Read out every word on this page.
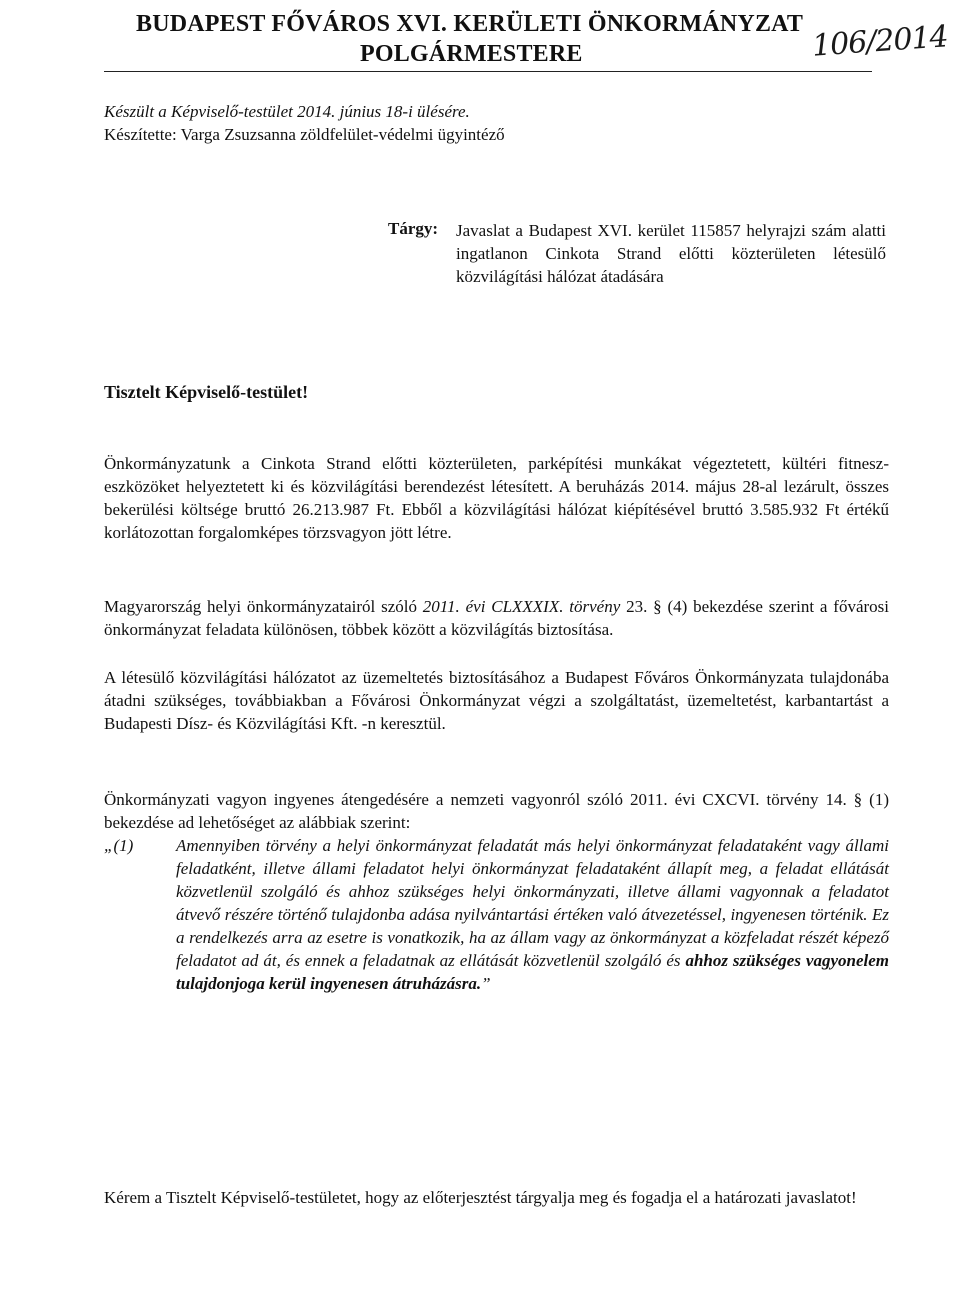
BUDAPEST FŐVÁROS XVI. KERÜLETI ÖNKORMÁNYZAT
POLGÁRMESTERE	106/2014
Készült a Képviselő-testület 2014. június 18-i ülésére.
Készítette: Varga Zsuzsanna zöldfelület-védelmi ügyintéző
Tárgy: Javaslat a Budapest XVI. kerület 115857 helyrajzi szám alatti ingatlanon Cinkota Strand előtti közterületen létesülő közvilágítási hálózat átadására
Tisztelt Képviselő-testület!
Önkormányzatunk a Cinkota Strand előtti közterületen, parképítési munkákat végeztetett, kültéri fitnesz-eszközöket helyeztetett ki és közvilágítási berendezést létesített. A beruházás 2014. május 28-al lezárult, összes bekerülési költsége bruttó 26.213.987 Ft. Ebből a közvilágítási hálózat kiépítésével bruttó 3.585.932 Ft értékű korlátozottan forgalomképes törzsvagyon jött létre.
Magyarország helyi önkormányzatairól szóló 2011. évi CLXXXIX. törvény 23. § (4) bekezdése szerint a fővárosi önkormányzat feladata különösen, többek között a közvilágítás biztosítása.
A létesülő közvilágítási hálózatot az üzemeltetés biztosításához a Budapest Főváros Önkormányzata tulajdonába átadni szükséges, továbbiakban a Fővárosi Önkormányzat végzi a szolgáltatást, üzemeltetést, karbantartást a Budapesti Dísz- és Közvilágítási Kft. -n keresztül.
Önkormányzati vagyon ingyenes átengedésére a nemzeti vagyonról szóló 2011. évi CXCVI. törvény 14. § (1) bekezdése ad lehetőséget az alábbiak szerint:
„(1)	Amennyiben törvény a helyi önkormányzat feladatát más helyi önkormányzat feladataként vagy állami feladatként, illetve állami feladatot helyi önkormányzat feladataként állapít meg, a feladat ellátását közvetlenül szolgáló és ahhoz szükséges helyi önkormányzati, illetve állami vagyonnak a feladatot átvevő részére történő tulajdonba adása nyilvántartási értéken való átvezetéssel, ingyenesen történik. Ez a rendelkezés arra az esetre is vonatkozik, ha az állam vagy az önkormányzat a közfeladat részét képező feladatot ad át, és ennek a feladatnak az ellátását közvetlenül szolgáló és ahhoz szükséges vagyonelem tulajdonjoga kerül ingyenesen átruházásra.”
Kérem a Tisztelt Képviselő-testületet, hogy az előterjesztést tárgyalja meg és fogadja el a határozati javaslatot!
